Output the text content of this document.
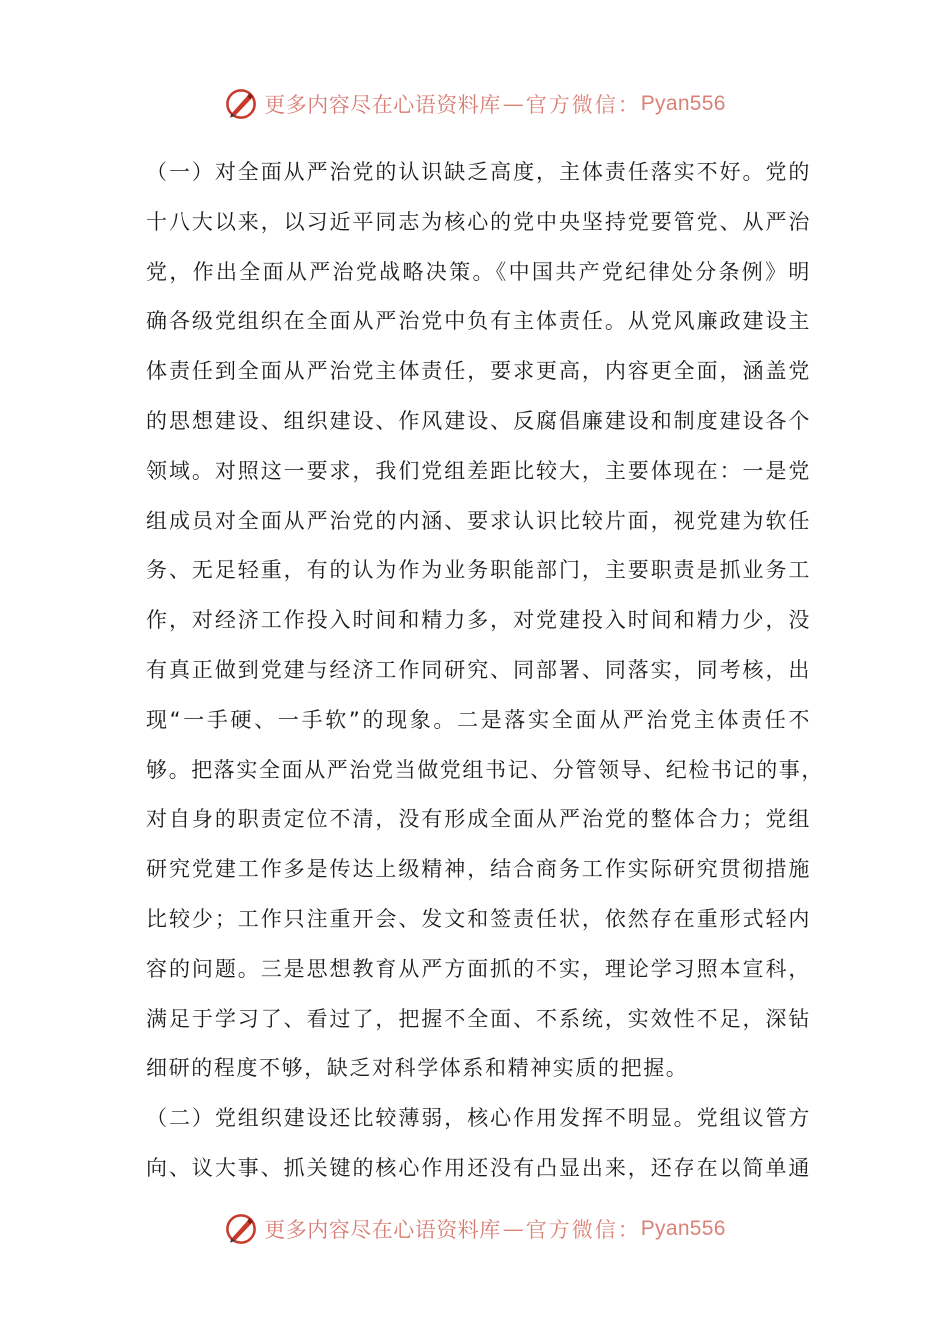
更多内容尽在心语资料库 — 官方微信： Pyan556
（一）对全面从严治党的认识缺乏高度，主体责任落实不好。党的
十八大以来，以习近平同志为核心的党中央坚持党要管党、从严治
党，作出全面从严治党战略决策。《中国共产党纪律处分条例》明
确各级党组织在全面从严治党中负有主体责任。从党风廉政建设主
体责任到全面从严治党主体责任，要求更高，内容更全面，涵盖党
的思想建设、组织建设、作风建设、反腐倡廉建设和制度建设各个
领域。对照这一要求，我们党组差距比较大，主要体现在：一是党
组成员对全面从严治党的内涵、要求认识比较片面，视党建为软任
务、无足轻重，有的认为作为业务职能部门，主要职责是抓业务工
作，对经济工作投入时间和精力多，对党建投入时间和精力少，没
有真正做到党建与经济工作同研究、同部署、同落实，同考核，出
现“一手硬、一手软”的现象。二是落实全面从严治党主体责任不
够。把落实全面从严治党当做党组书记、分管领导、纪检书记的事，
对自身的职责定位不清，没有形成全面从严治党的整体合力；党组
研究党建工作多是传达上级精神，结合商务工作实际研究贯彻措施
比较少；工作只注重开会、发文和签责任状，依然存在重形式轻内
容的问题。三是思想教育从严方面抓的不实，理论学习照本宣科，
满足于学习了、看过了，把握不全面、不系统，实效性不足，深钻
细研的程度不够，缺乏对科学体系和精神实质的把握。
（二）党组织建设还比较薄弱，核心作用发挥不明显。党组议管方
向、议大事、抓关键的核心作用还没有凸显出来，还存在以简单通
更多内容尽在心语资料库 — 官方微信： Pyan556
